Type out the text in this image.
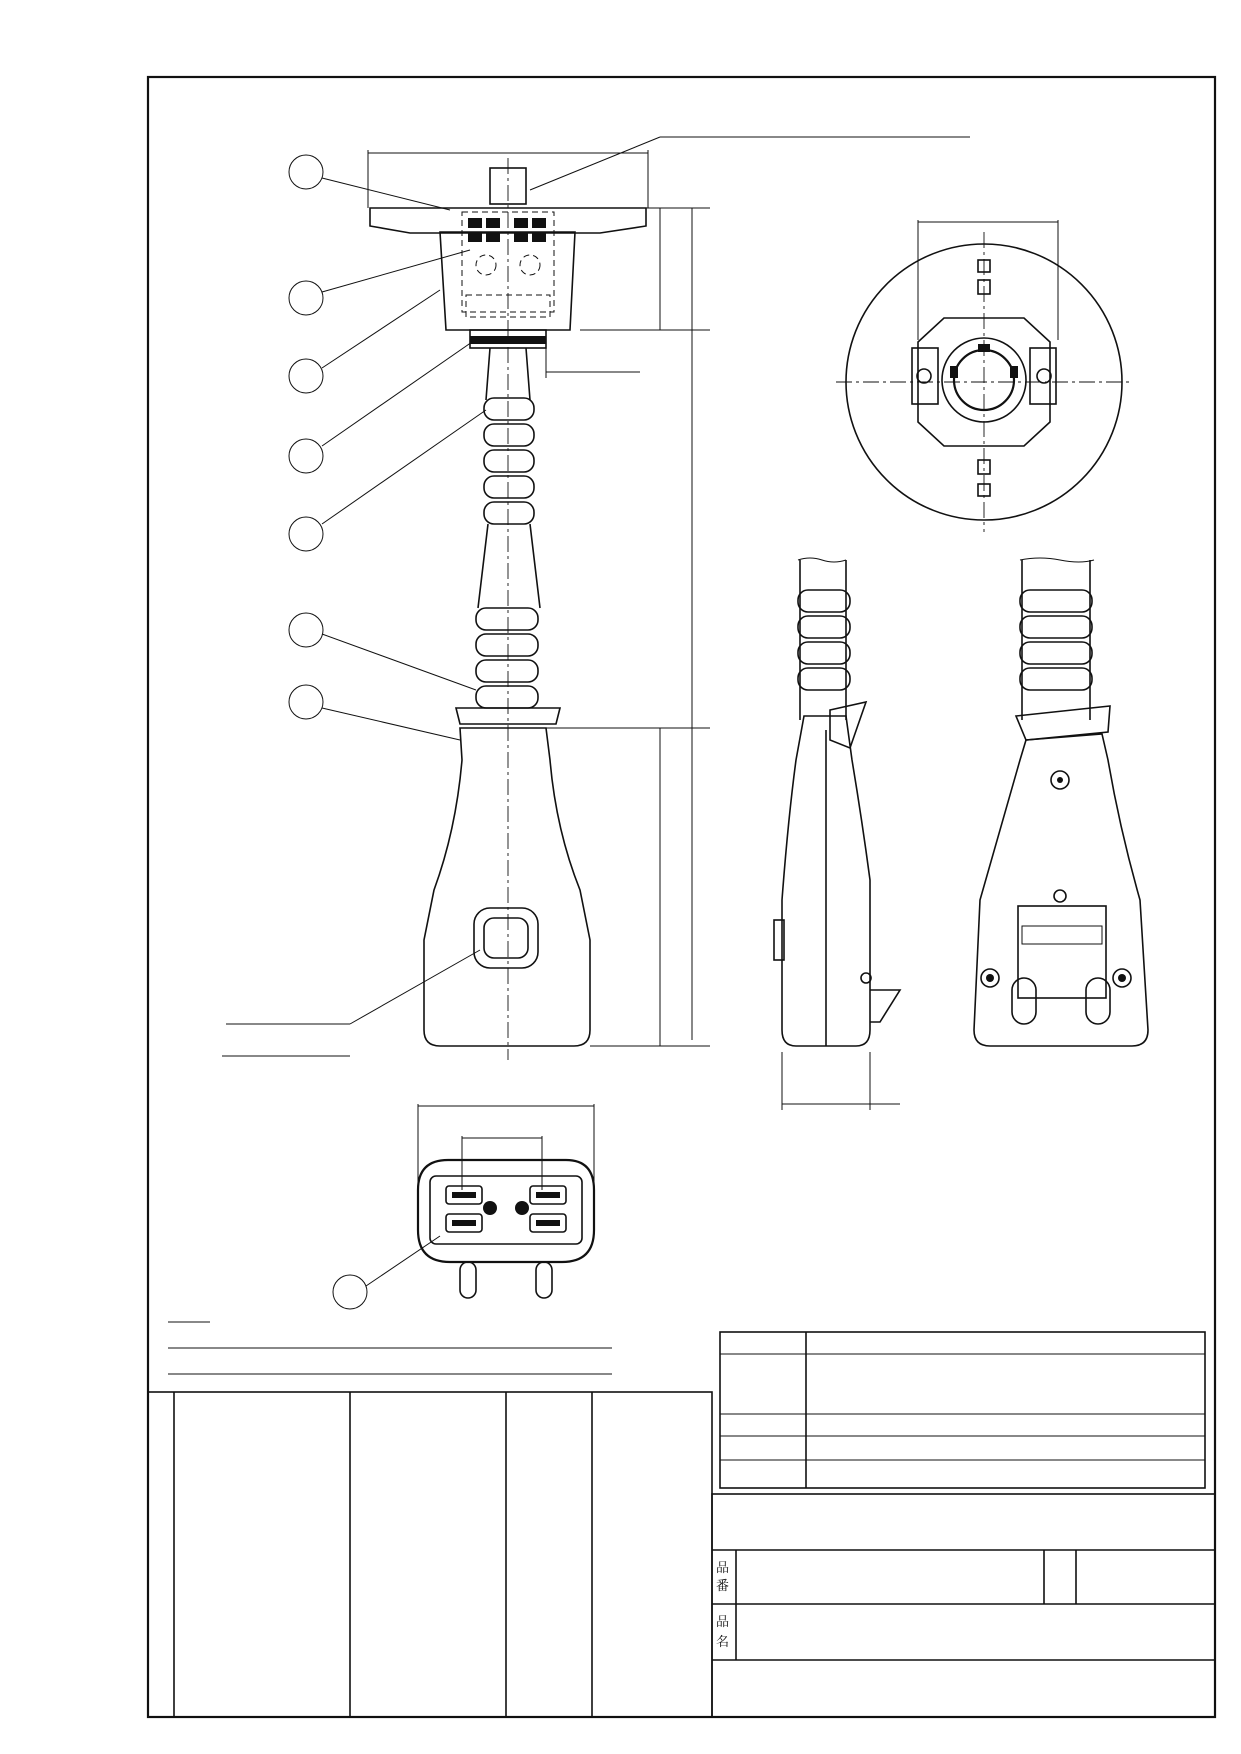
品番
品名
